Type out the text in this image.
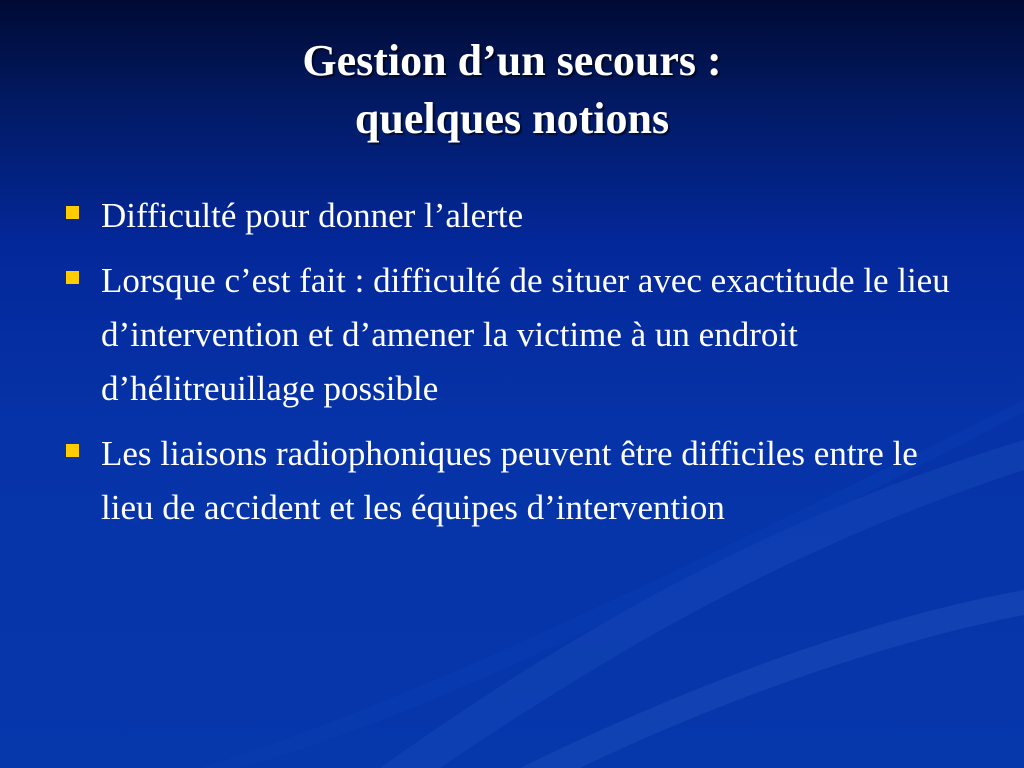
Gestion d’un secours :
quelques notions
Difficulté pour donner l’alerte
Lorsque c’est fait : difficulté de situer avec exactitude le lieu d’intervention et d’amener la victime à un endroit d’hélitreuillage possible
Les liaisons radiophoniques peuvent être difficiles entre le lieu de accident et les équipes d’intervention
